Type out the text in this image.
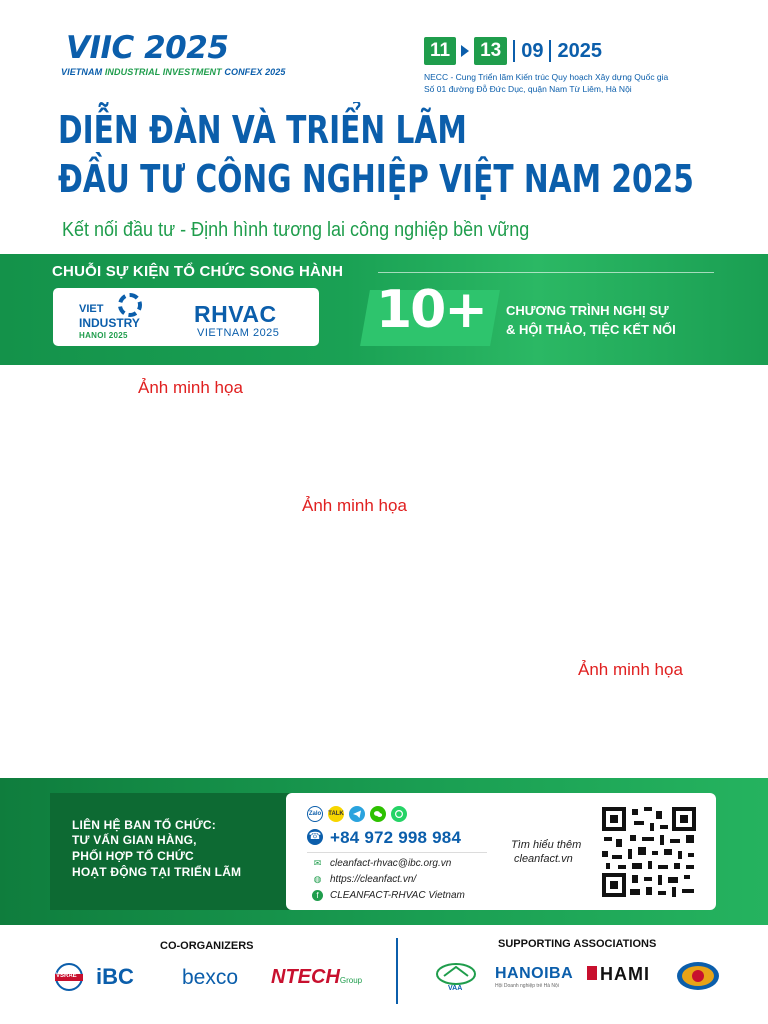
VIIC 2025
VIETNAM INDUSTRIAL INVESTMENT CONFEX 2025
11	13	09 2025
NECC - Cung Triển lãm Kiến trúc Quy hoạch Xây dựng Quốc gia
Số 01 đường Đỗ Đức Dục, quận Nam Từ Liêm, Hà Nội
DIỄN ĐÀN VÀ TRIỂN LÃM
ĐẦU TƯ CÔNG NGHIỆP VIỆT NAM 2025
Kết nối đầu tư - Định hình tương lai công nghiệp bền vững
CHUỖI SỰ KIỆN TỔ CHỨC SONG HÀNH
VIET
INDUSTRY
HANOI 2025
RHVAC
VIETNAM 2025 10+ CHƯƠNG TRÌNH NGHỊ SỰ
& HỘI THẢO, TIỆC KẾT NỐI
Ảnh minh họa
Ảnh minh họa
Ảnh minh họa
LIÊN HỆ BAN TỔ CHỨC:
TƯ VẤN GIAN HÀNG,
PHỐI HỢP TỔ CHỨC
HOẠT ĐỘNG TẠI TRIỂN LÃM
Zalo	TALK
☎ +84 972 998 984
✉ cleanfact-rhvac@ibc.org.vn
◍ https://cleanfact.vn/
f	CLEANFACT-RHVAC Vietnam
Tìm hiểu thêm
cleanfact.vn
CO-ORGANIZERS	SUPPORTING ASSOCIATIONS
VSRAE iBC bexco NTECHGroup
VAA
HANOIBA
Hội Doanh nghiệp trẻ Hà Nội
HAMI
